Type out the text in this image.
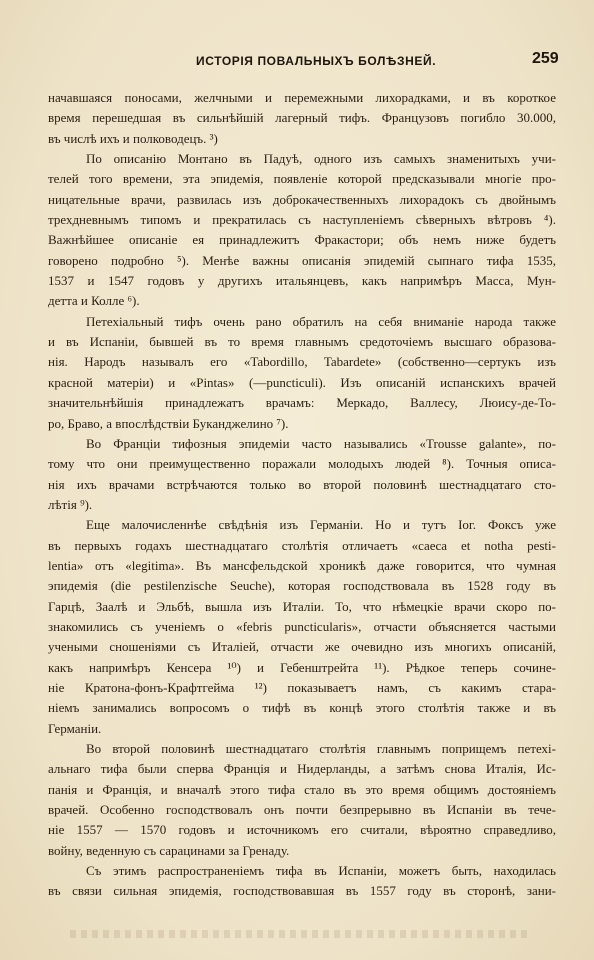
ИСТОРІЯ ПОВАЛЬНЫХЪ БОЛѢЗНЕЙ.	259
начавшаяся поносами, желчными и перемежными лихорадками, и въ короткое
время перешедшая въ сильнѣйшій лагерный тифъ. Французовъ погибло 30.000,
въ числѣ ихъ и полководецъ. ³)
По описанію Монтано въ Падуѣ, одного изъ самыхъ знаменитыхъ учи-
телей того времени, эта эпидемія, появленіе которой предсказывали многіе про-
ницательные врачи, развилась изъ доброкачественныхъ лихорадокъ съ двойнымъ
трехдневнымъ типомъ и прекратилась съ наступленіемъ сѣверныхъ вѣтровъ ⁴).
Важнѣйшее описаніе ея принадлежитъ Фракастори; объ немъ ниже будетъ
говорено подробно ⁵). Менѣе важны описанія эпидемій сыпнаго тифа 1535,
1537 и 1547 годовъ у другихъ итальянцевъ, какъ напримѣръ Масса, Мун-
детта и Колле ⁶).
Петехіальный тифъ очень рано обратилъ на себя вниманіе народа также
и въ Испаніи, бывшей въ то время главнымъ средоточіемъ высшаго образова-
нія. Народъ называлъ его «Tabordillo, Tabardete» (собственно—сертукъ изъ
красной матеріи) и «Pintas» (—puncticuli). Изъ описаній испанскихъ врачей
значительнѣйшія принадлежатъ врачамъ: Меркадо, Валлесу, Люису-де-То-
ро, Браво, а впослѣдствіи Буканджелино ⁷).
Во Франціи тифозныя эпидеміи часто назывались «Trousse galante», по-
тому что они преимущественно поражали молодыхъ людей ⁸). Точныя описа-
нія ихъ врачами встрѣчаются только во второй половинѣ шестнадцатаго сто-
лѣтія ⁹).
Еще малочисленнѣе свѣдѣнія изъ Германіи. Но и тутъ Іог. Фоксъ уже
въ первыхъ годахъ шестнадцатаго столѣтія отличаетъ «caeca et notha pesti-
lentia» отъ «legitima». Въ мансфельдской хроникѣ даже говорится, что чумная
эпидемія (die pestilenzische Seuche), которая господствовала въ 1528 году въ
Гарцѣ, Заалѣ и Эльбѣ, вышла изъ Италіи. То, что нѣмецкіе врачи скоро по-
знакомились съ ученіемъ о «febris puncticularis», отчасти объясняется частыми
учеными сношеніями съ Италіей, отчасти же очевидно изъ многихъ описаній,
какъ напримѣръ Кенсера ¹⁰) и Гебенштрейта ¹¹). Рѣдкое теперь сочине-
ніе Кратона-фонъ-Крафтгейма ¹²) показываетъ намъ, съ какимъ стара-
ніемъ занимались вопросомъ о тифѣ въ концѣ этого столѣтія также и въ
Германіи.
Во второй половинѣ шестнадцатаго столѣтія главнымъ поприщемъ петехі-
альнаго тифа были сперва Франція и Нидерланды, а затѣмъ снова Италія, Ис-
панія и Франція, и вначалѣ этого тифа стало въ это время общимъ достояніемъ
врачей. Особенно господствовалъ онъ почти безпрерывно въ Испаніи въ тече-
ніе 1557 — 1570 годовъ и источникомъ его считали, вѣроятно справедливо,
войну, веденную съ сарацинами за Гренаду.
Съ этимъ распространеніемъ тифа въ Испаніи, можетъ быть, находилась
въ связи сильная эпидемія, господствовавшая въ 1557 году въ сторонѣ, зани-
